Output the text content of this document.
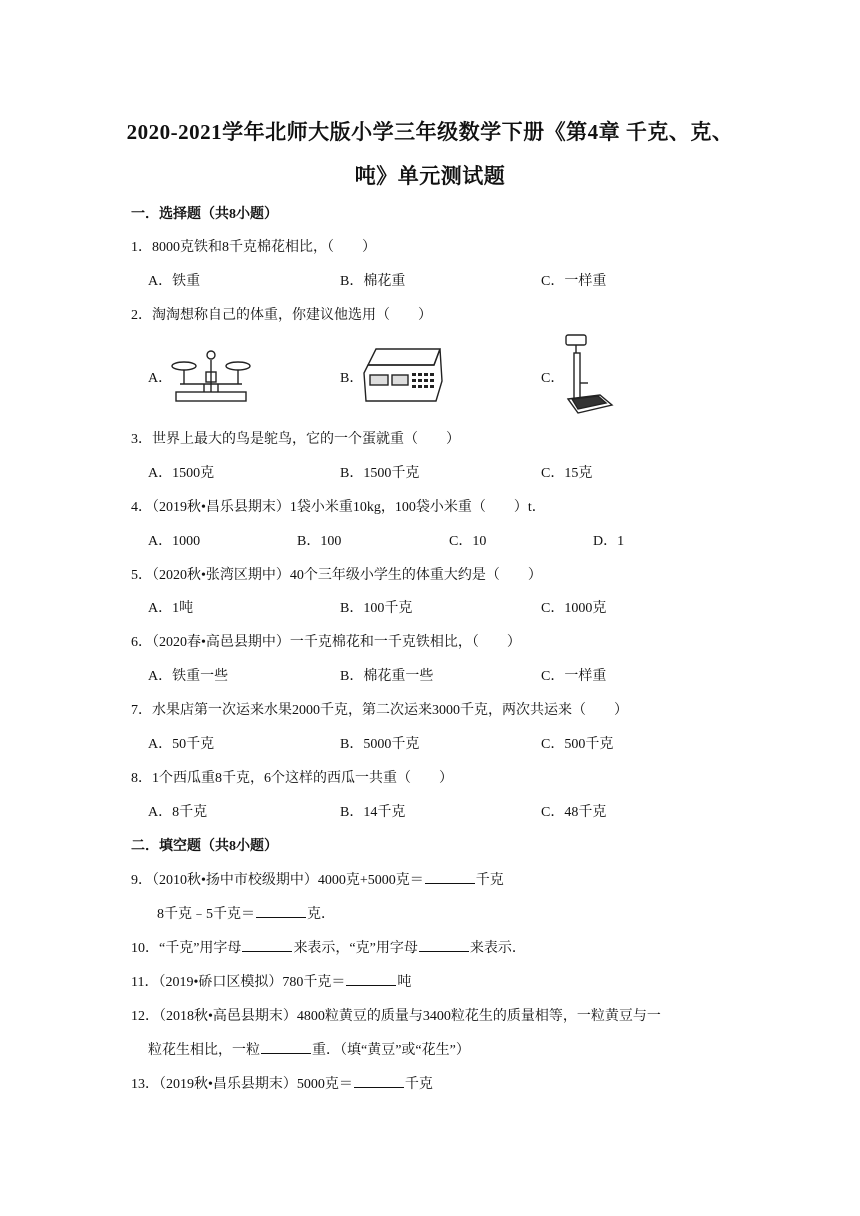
2020-2021学年北师大版小学三年级数学下册《第4章 千克、克、
吨》单元测试题
一．选择题（共8小题）
1．8000克铁和8千克棉花相比，（　　）
A．铁重	B．棉花重	C．一样重
2．淘淘想称自己的体重，你建议他选用（　　）
A．	B．	C．
3．世界上最大的鸟是鸵鸟，它的一个蛋就重（　　）
A．1500克	B．1500千克	C．15克
4．（2019秋•昌乐县期末）1袋小米重10kg，100袋小米重（　　）t．
A．1000	B．100	C．10	D．1
5．（2020秋•张湾区期中）40个三年级小学生的体重大约是（　　）
A．1吨	B．100千克	C．1000克
6．（2020春•高邑县期中）一千克棉花和一千克铁相比，（　　）
A．铁重一些	B．棉花重一些	C．一样重
7．水果店第一次运来水果2000千克，第二次运来3000千克，两次共运来（　　）
A．50千克	B．5000千克	C．500千克
8．1个西瓜重8千克，6个这样的西瓜一共重（　　）
A．8千克	B．14千克	C．48千克
二．填空题（共8小题）
9．（2010秋•扬中市校级期中）4000克+5000克＝	千克
8千克﹣5千克＝	克．
10．“千克”用字母	来表示，“克”用字母	来表示．
11．（2019•硚口区模拟）780千克＝	吨
12．（2018秋•高邑县期末）4800粒黄豆的质量与3400粒花生的质量相等，一粒黄豆与一
粒花生相比，一粒	重．（填“黄豆”或“花生”）
13．（2019秋•昌乐县期末）5000克＝	千克
